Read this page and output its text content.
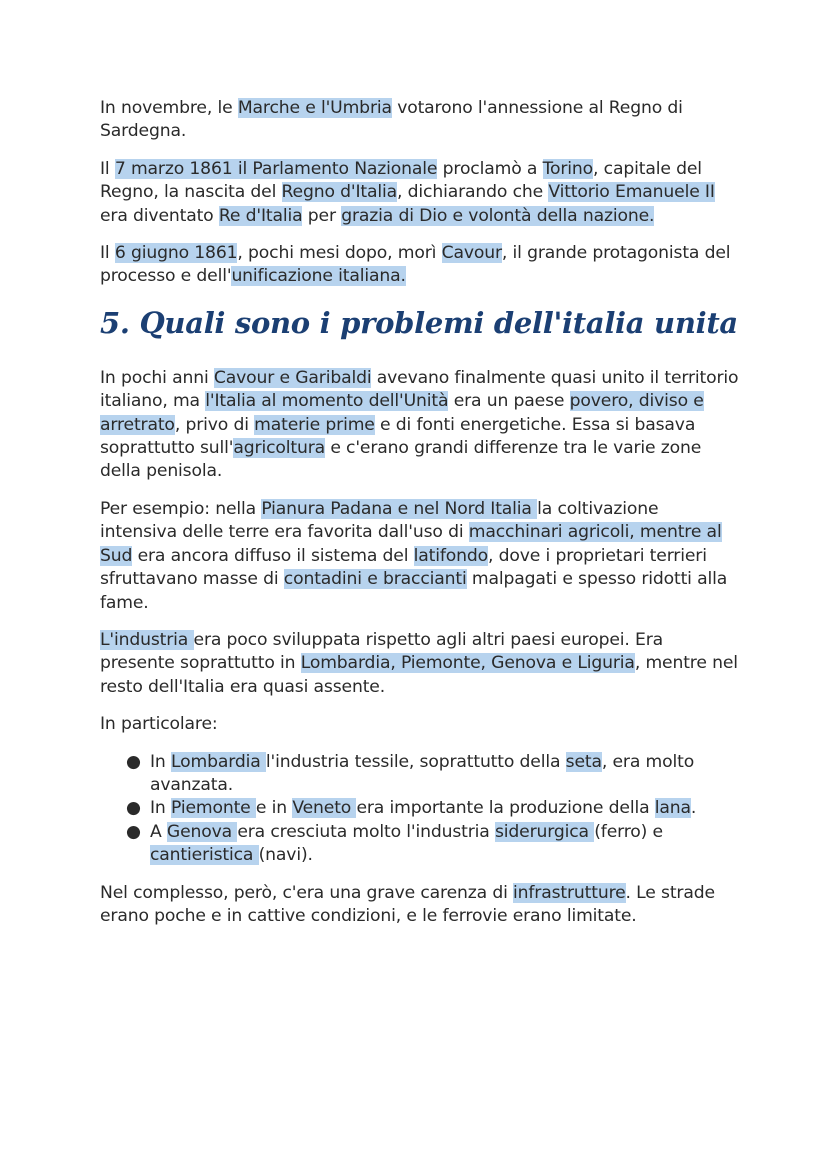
In novembre, le Marche e l'Umbria votarono l'annessione al Regno di Sardegna.

Il 7 marzo 1861 il Parlamento Nazionale proclamò a Torino, capitale del Regno, la nascita del Regno d'Italia, dichiarando che Vittorio Emanuele II era diventato Re d'Italia per grazia di Dio e volontà della nazione.

Il 6 giugno 1861, pochi mesi dopo, morì Cavour, il grande protagonista del processo e dell'unificazione italiana.

5. Quali sono i problemi dell'italia unita

In pochi anni Cavour e Garibaldi avevano finalmente quasi unito il territorio italiano, ma l'Italia al momento dell'Unità era un paese povero, diviso e arretrato, privo di materie prime e di fonti energetiche. Essa si basava soprattutto sull'agricoltura e c'erano grandi differenze tra le varie zone della penisola.

Per esempio: nella Pianura Padana e nel Nord Italia la coltivazione intensiva delle terre era favorita dall'uso di macchinari agricoli, mentre al Sud era ancora diffuso il sistema del latifondo, dove i proprietari terrieri sfruttavano masse di contadini e braccianti malpagati e spesso ridotti alla fame.

L'industria era poco sviluppata rispetto agli altri paesi europei. Era presente soprattutto in Lombardia, Piemonte, Genova e Liguria, mentre nel resto dell'Italia era quasi assente.

In particolare:

● In Lombardia l'industria tessile, soprattutto della seta, era molto avanzata.
● In Piemonte e in Veneto era importante la produzione della lana.
● A Genova era cresciuta molto l'industria siderurgica (ferro) e cantieristica (navi).

Nel complesso, però, c'era una grave carenza di infrastrutture. Le strade erano poche e in cattive condizioni, e le ferrovie erano limitate.
